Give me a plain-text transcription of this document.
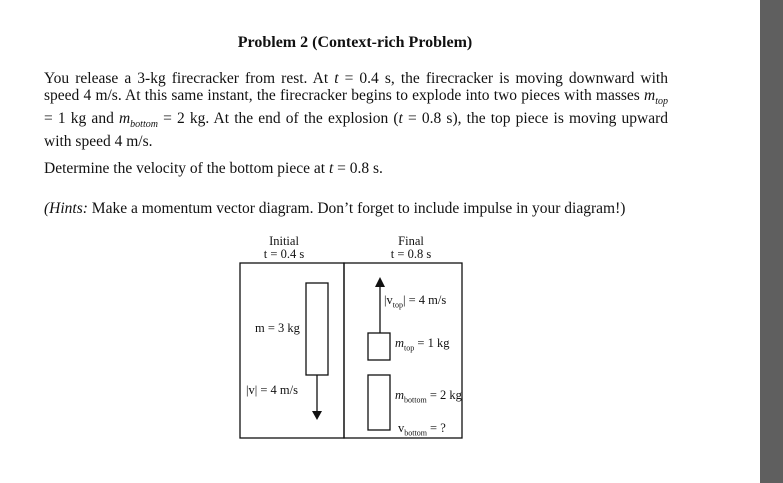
Problem 2 (Context-rich Problem)

You release a 3-kg firecracker from rest. At t = 0.4 s, the firecracker is moving downward with speed 4 m/s. At this same instant, the firecracker begins to explode into two pieces with masses $m_{top} = 1$ kg and $m_{bottom} = 2$ kg. At the end of the explosion (t = 0.8 s), the top piece is moving upward with speed 4 m/s.

Determine the velocity of the bottom piece at t = 0.8 s.

(Hints: Make a momentum vector diagram. Don’t forget to include impulse in your diagram!)

Initial
t = 0.4 s
Final
t = 0.8 s
m = 3 kg
|v| = 4 m/s
$|v_{top}| = 4$ m/s
$m_{top} = 1$ kg
$m_{bottom} = 2$ kg
$v_{bottom}$ = ?
